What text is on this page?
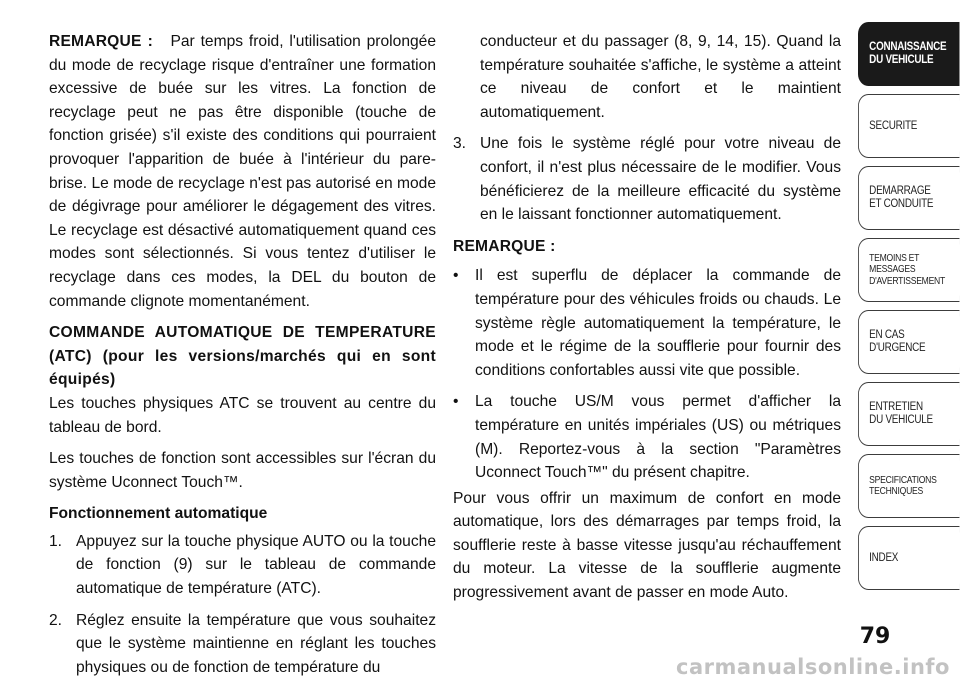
REMARQUE : Par temps froid, l'utilisation prolongée du mode de recyclage risque d'entraîner une formation excessive de buée sur les vitres. La fonction de recyclage peut ne pas être disponible (touche de fonction grisée) s'il existe des conditions qui pourraient provoquer l'apparition de buée à l'intérieur du pare-brise. Le mode de recyclage n'est pas autorisé en mode de dégivrage pour améliorer le dégagement des vitres. Le recyclage est désactivé automatiquement quand ces modes sont sélectionnés. Si vous tentez d'utiliser le recyclage dans ces modes, la DEL du bouton de commande clignote momentanément.

COMMANDE AUTOMATIQUE DE TEMPERATURE (ATC) (pour les versions/marchés qui en sont équipés)

Les touches physiques ATC se trouvent au centre du tableau de bord.

Les touches de fonction sont accessibles sur l'écran du système Uconnect Touch™.

Fonctionnement automatique

1. Appuyez sur la touche physique AUTO ou la touche de fonction (9) sur le tableau de commande automatique de température (ATC).
2. Réglez ensuite la température que vous souhaitez que le système maintienne en réglant les touches physiques ou de fonction de température du
conducteur et du passager (8, 9, 14, 15). Quand la température souhaitée s'affiche, le système a atteint ce niveau de confort et le maintient automatiquement.
3. Une fois le système réglé pour votre niveau de confort, il n'est plus nécessaire de le modifier. Vous bénéficierez de la meilleure efficacité du système en le laissant fonctionner automatiquement.

REMARQUE :

• Il est superflu de déplacer la commande de température pour des véhicules froids ou chauds. Le système règle automatiquement la température, le mode et le régime de la soufflerie pour fournir des conditions confortables aussi vite que possible.
• La touche US/M vous permet d'afficher la température en unités impériales (US) ou métriques (M). Reportez-vous à la section "Paramètres Uconnect Touch™" du présent chapitre.

Pour vous offrir un maximum de confort en mode automatique, lors des démarrages par temps froid, la soufflerie reste à basse vitesse jusqu'au réchauffement du moteur. La vitesse de la soufflerie augmente progressivement avant de passer en mode Auto.

CONNAISSANCE
DU VEHICULE
SECURITE
DEMARRAGE
ET CONDUITE
TEMOINS ET
MESSAGES
D'AVERTISSEMENT
EN CAS
D'URGENCE
ENTRETIEN
DU VEHICULE
SPECIFICATIONS
TECHNIQUES
INDEX
79
carmanualsonline.info
